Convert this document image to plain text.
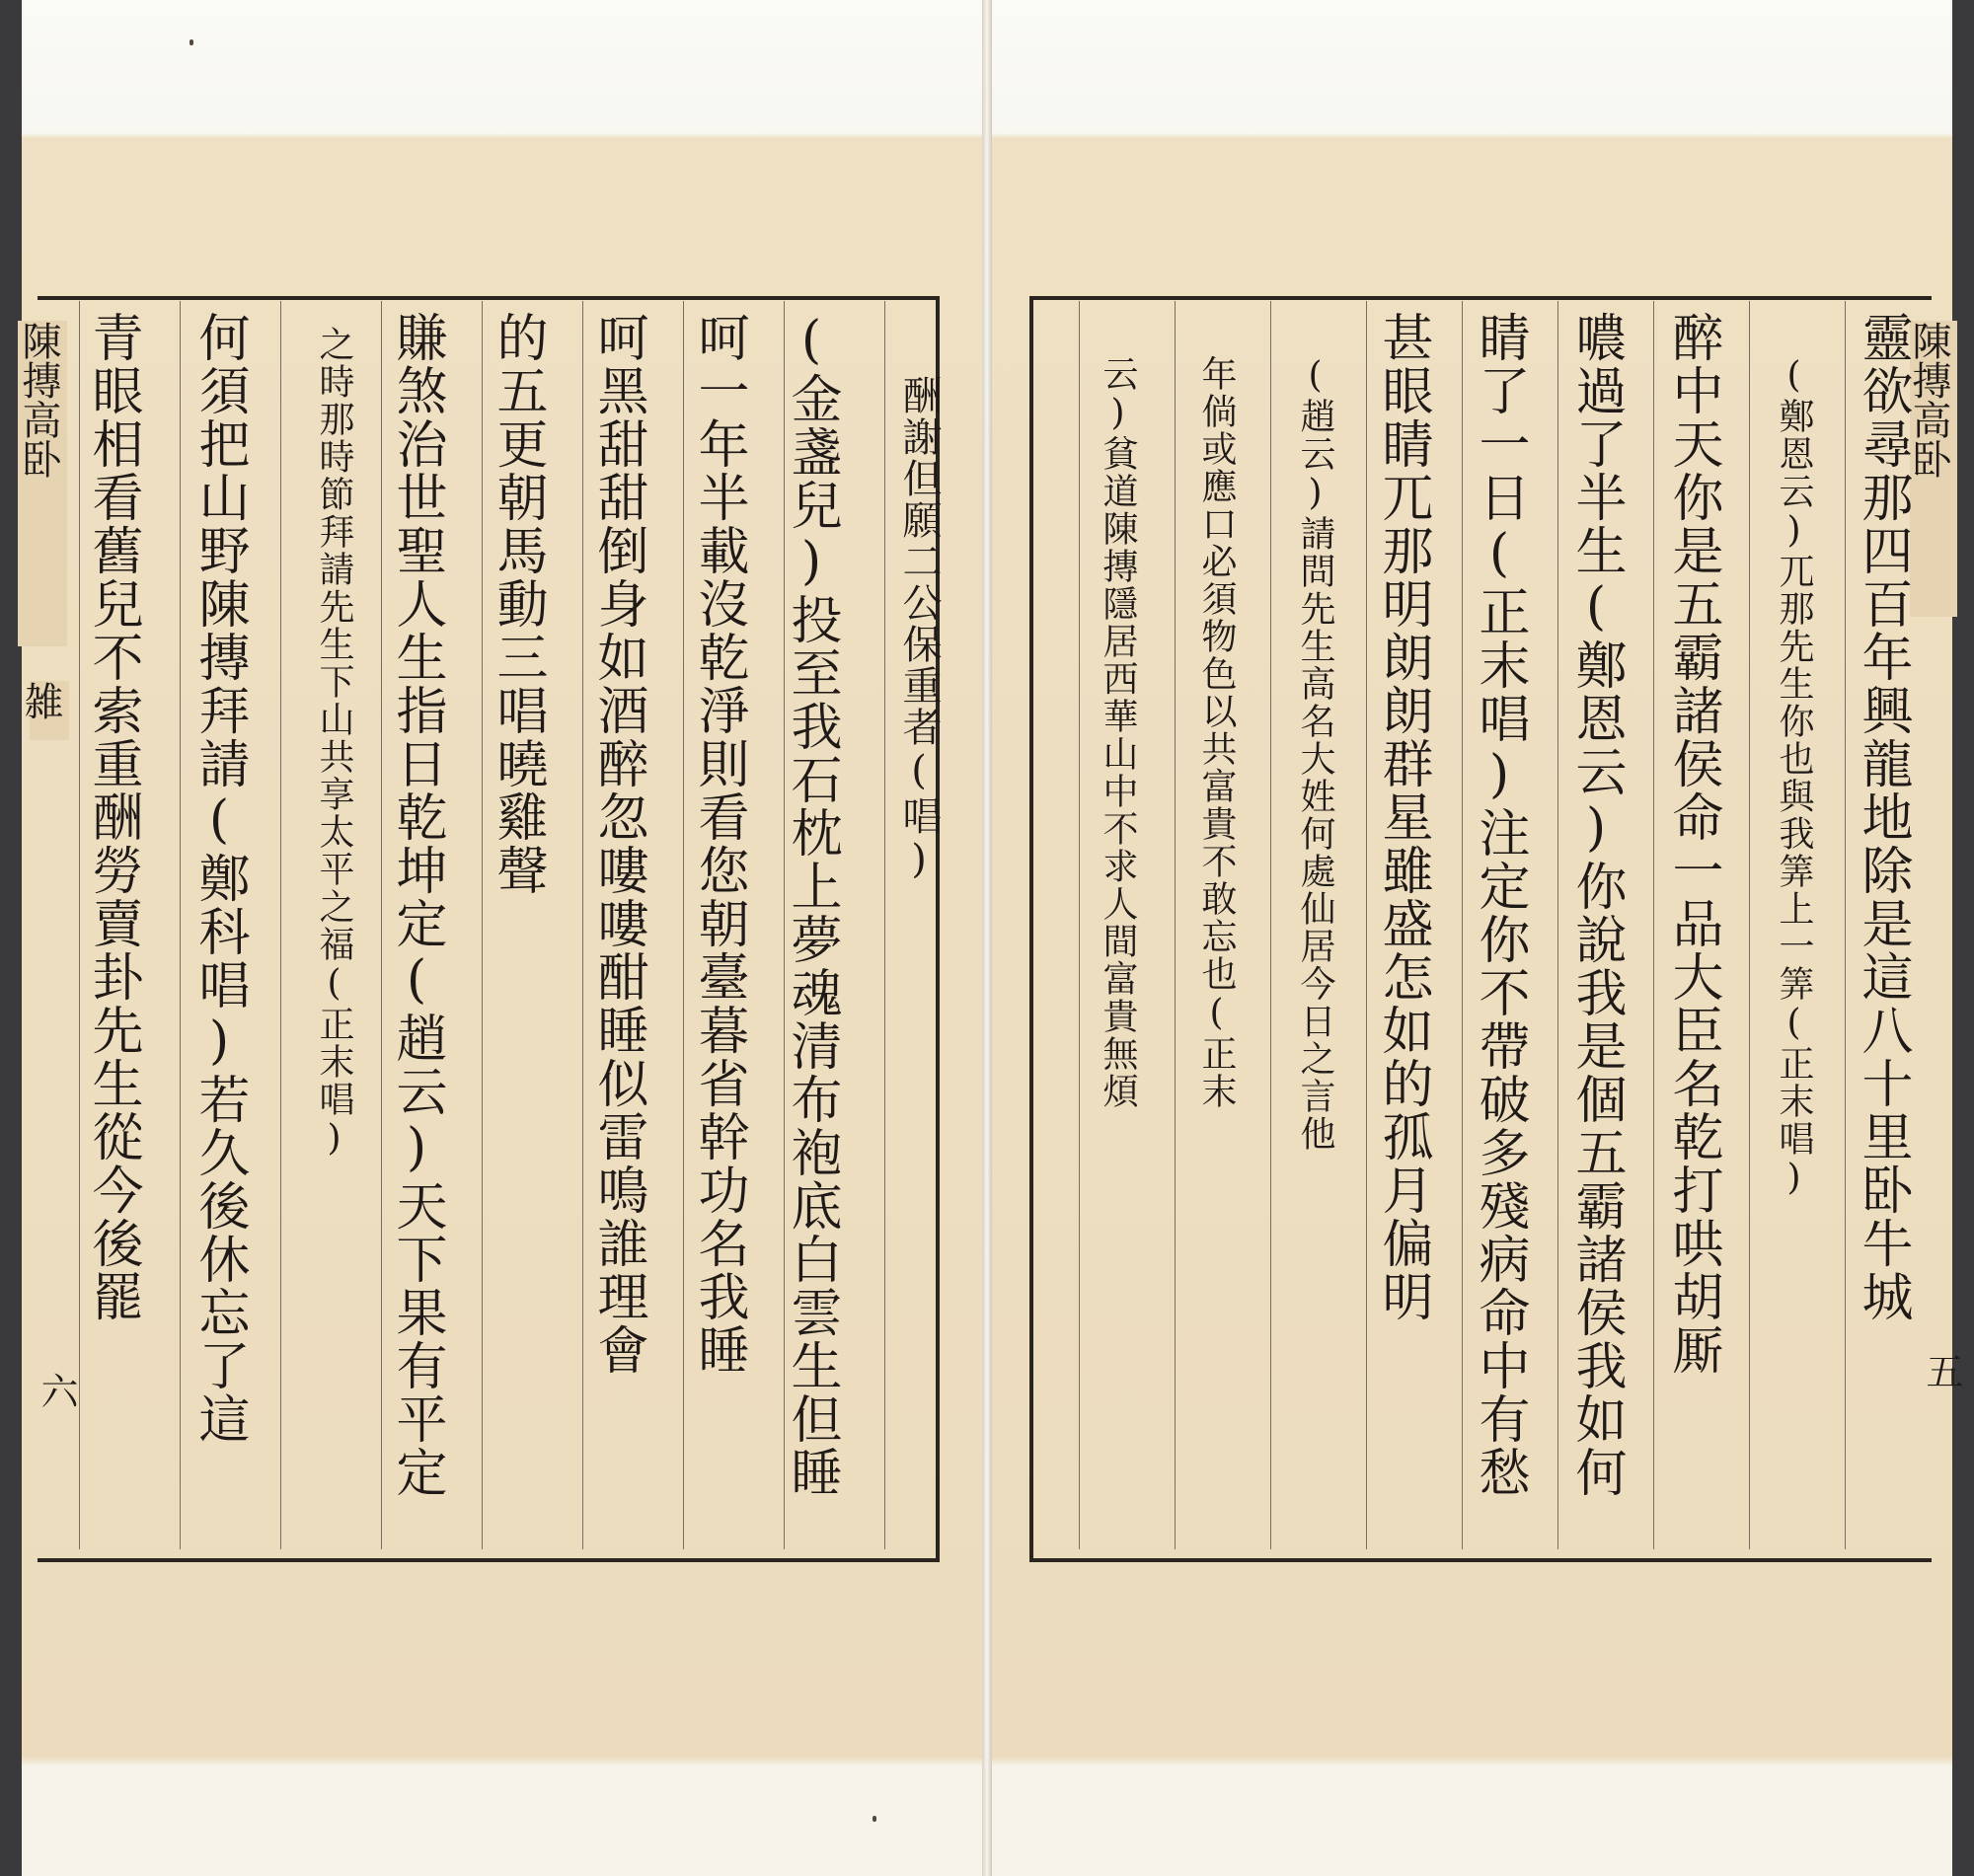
陳摶高卧
雑
六
青眼相看舊兒不索重酬勞賣卦先生從今後罷 何須把山野陳摶拜請(鄭科唱)若久後休忘了這 之時那時節拜請先生下山共享太平之福(正末唱) 賺煞治世聖人生指日乾坤定(趙云)天下果有平定 的五更朝馬動三唱曉雞聲 呵黑甜甜倒身如酒醉忽嘍嘍酣睡似雷鳴誰理會 呵一年半載沒乾淨則看您朝臺暮省幹功名我睡 (金盞兒)投至我石枕上夢魂清布袍底白雲生但睡 酬謝但願二公保重者(唱)	陳摶高卧
五
靈欲尋那四百年興龍地除是這八十里卧牛城
(鄭恩云)兀那先生你也與我筭上一筭(正末唱)
醉中天你是五霸諸侯命一品大臣名乾打哄胡厮
噥過了半生(鄭恩云)你說我是個五霸諸侯我如何
睛了一日(正末唱)注定你不帶破多殘病命中有愁
甚眼睛兀那明朗朗群星雖盛怎如的孤月偏明
(趙云)請問先生高名大姓何處仙居今日之言他
年倘或應口必須物色以共富貴不敢忘也(正末
云)貧道陳摶隱居西華山中不求人間富貴無煩
